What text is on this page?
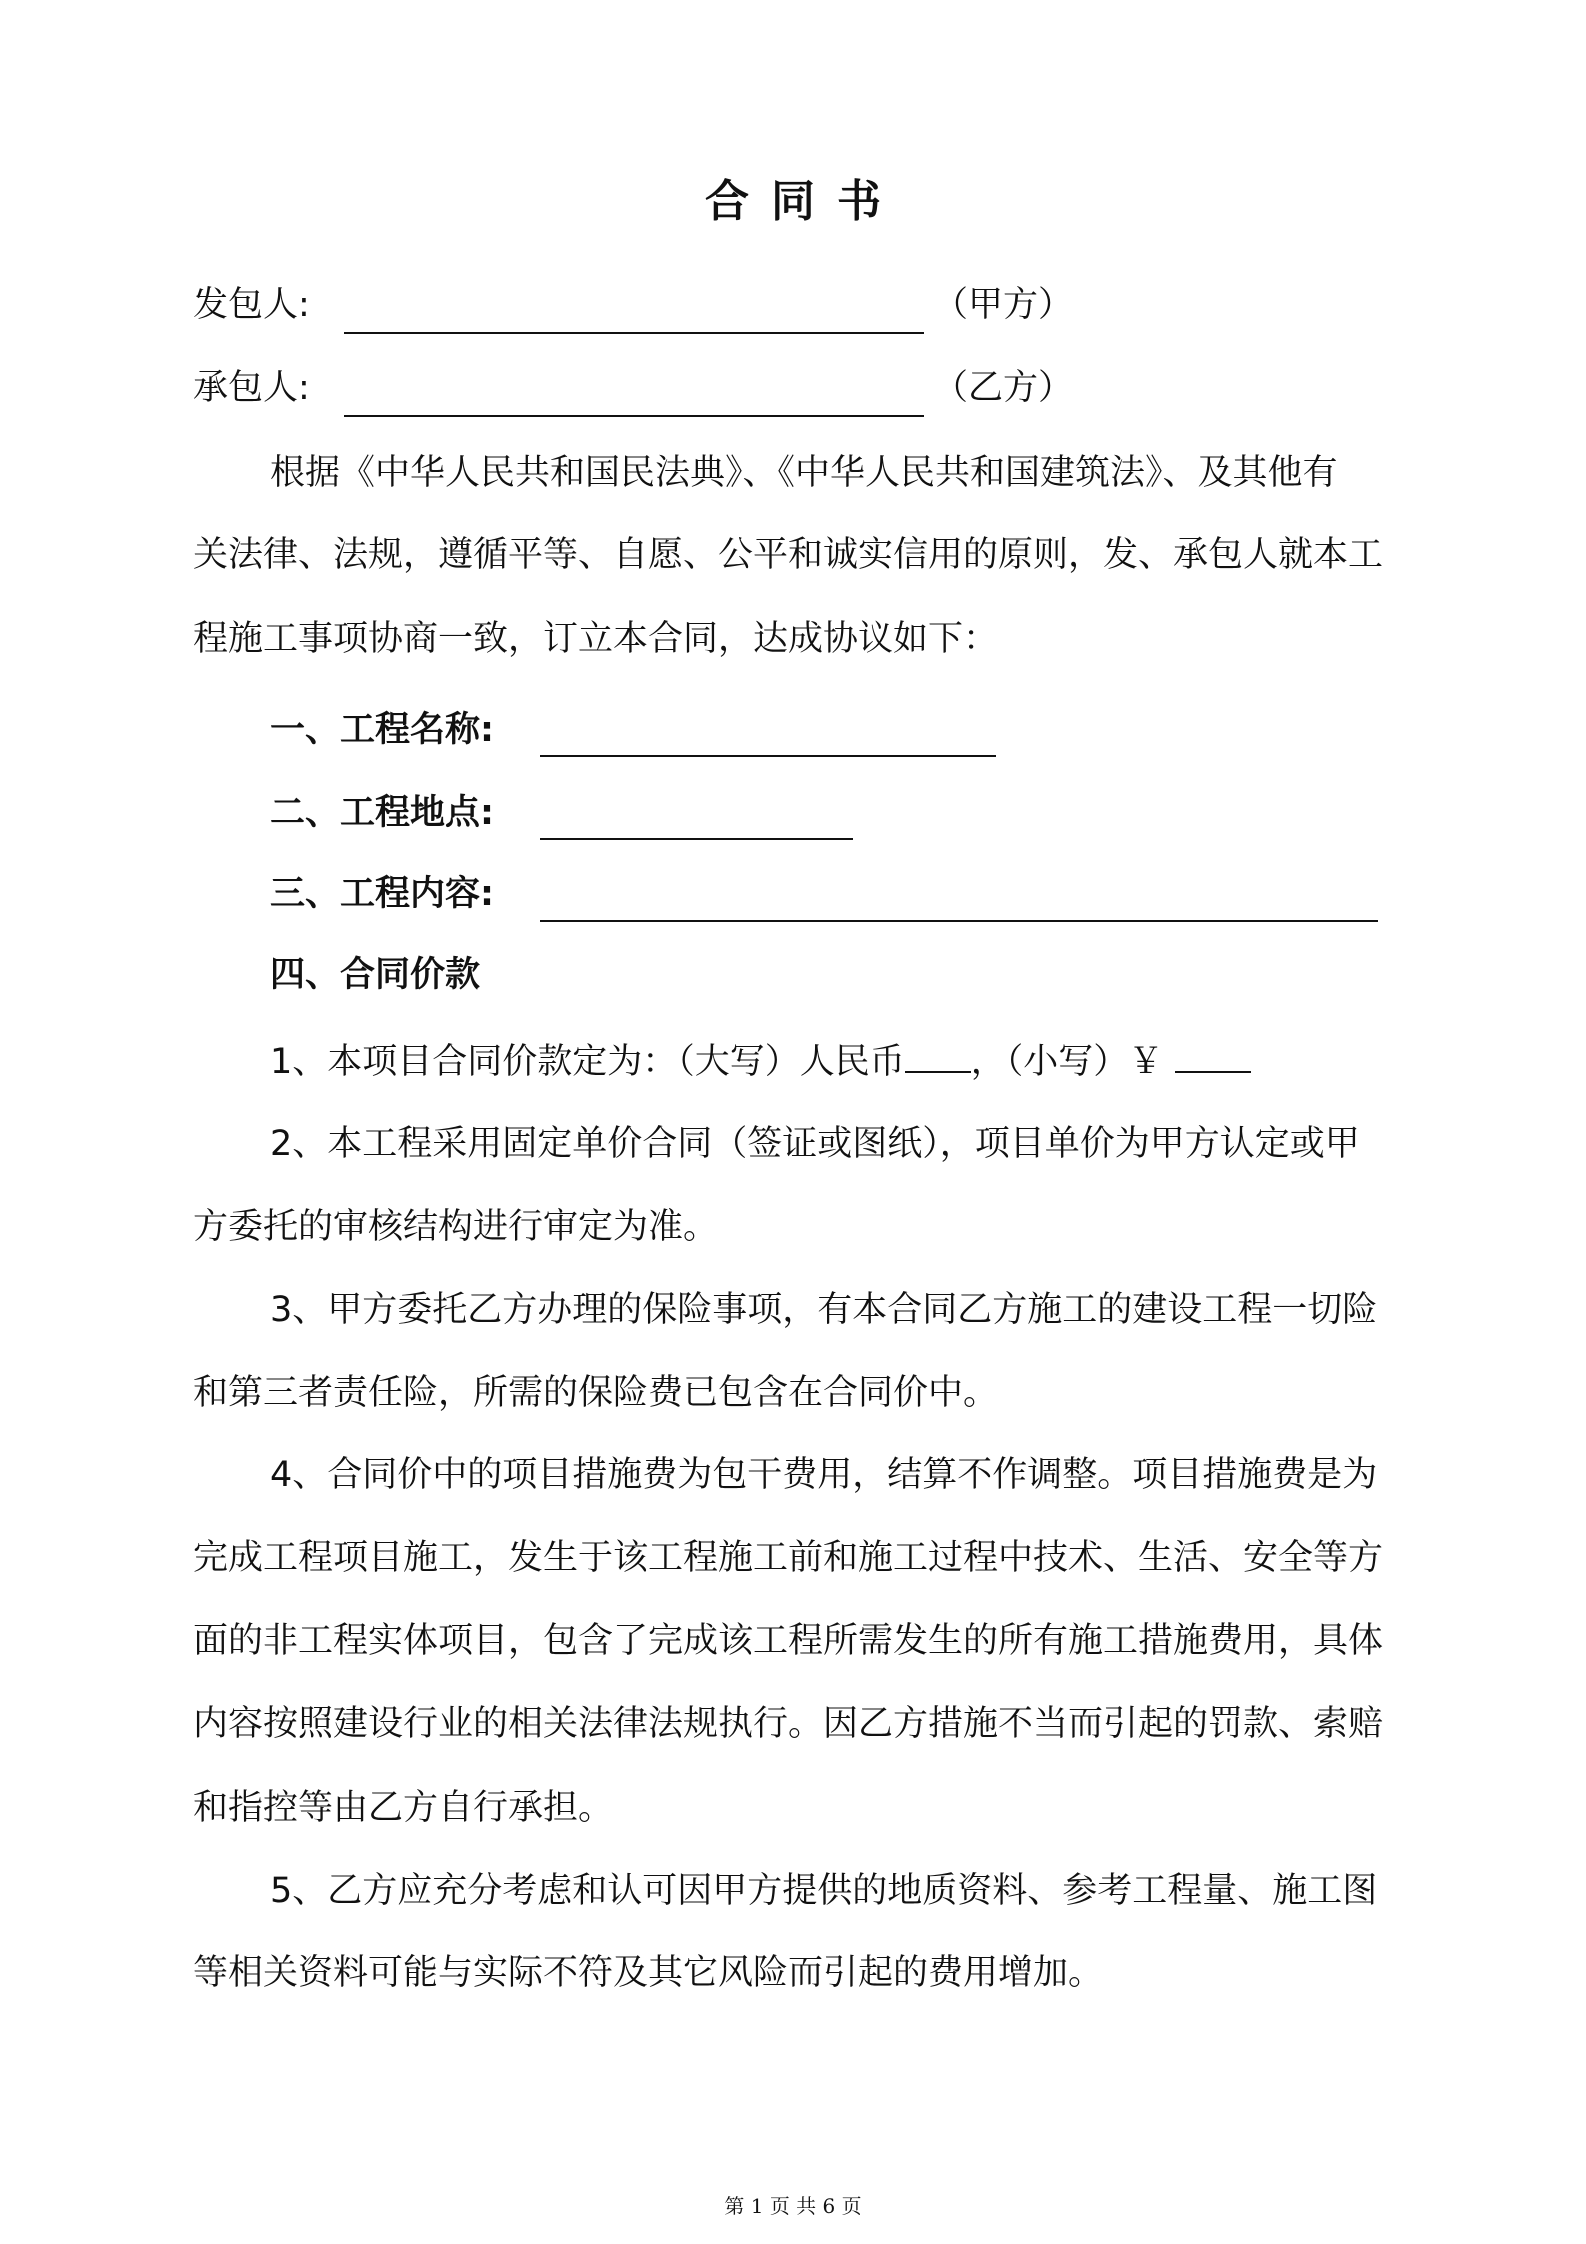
合同书
发包人:	（甲方）
承包人:	（乙方）
根据《中华人民共和国民法典》、《中华人民共和国建筑法》、及其他有
关法律、法规，遵循平等、自愿、公平和诚实信用的原则，发、承包人就本工
程施工事项协商一致，订立本合同，达成协议如下：
一、工程名称:
二、工程地点:
三、工程内容:
四、合同价款
1、本项目合同价款定为：（大写）人民币 ，（小写）￥
2、本工程采用固定单价合同（签证或图纸），项目单价为甲方认定或甲
方委托的审核结构进行审定为准。
3、甲方委托乙方办理的保险事项，有本合同乙方施工的建设工程一切险
和第三者责任险，所需的保险费已包含在合同价中。
4、合同价中的项目措施费为包干费用，结算不作调整。项目措施费是为
完成工程项目施工，发生于该工程施工前和施工过程中技术、生活、安全等方
面的非工程实体项目，包含了完成该工程所需发生的所有施工措施费用，具体
内容按照建设行业的相关法律法规执行。因乙方措施不当而引起的罚款、索赔
和指控等由乙方自行承担。
5、乙方应充分考虑和认可因甲方提供的地质资料、参考工程量、施工图
等相关资料可能与实际不符及其它风险而引起的费用增加。
第 1 页 共 6 页
